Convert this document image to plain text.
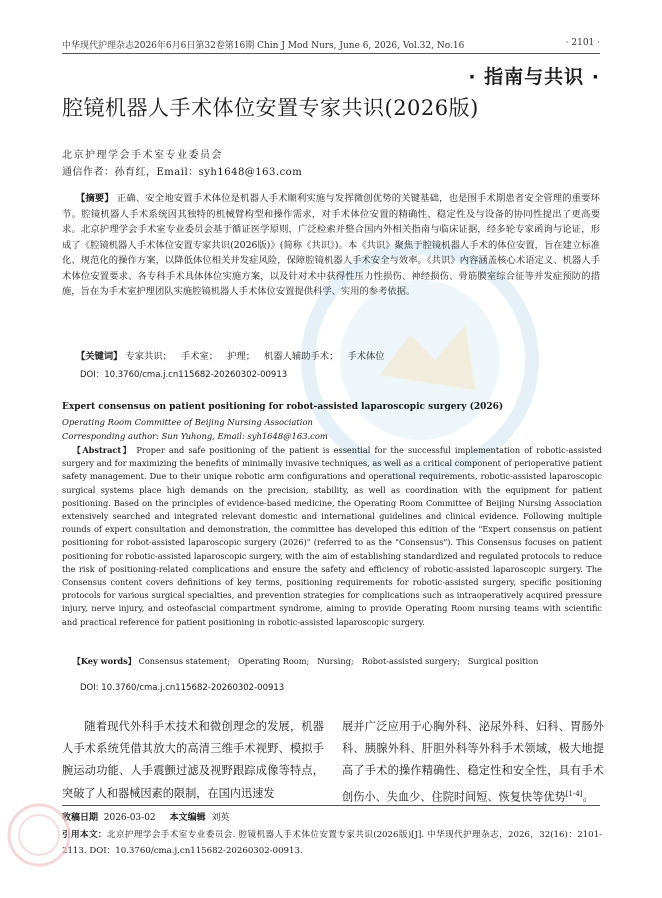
中华现代护理杂志2026年6月6日第32卷第16期 Chin J Mod Nurs, June 6, 2026, Vol.32, No.16	· 2101 ·
· 指南与共识 ·
腔镜机器人手术体位安置专家共识(2026版)
北京护理学会手术室专业委员会
通信作者：孙育红，Email：syh1648@163.com
【摘要】 正确、安全地安置手术体位是机器人手术顺利实施与发挥微创优势的关键基础，也是围手术期患者安全管理的重要环节。腔镜机器人手术系统因其独特的机械臂构型和操作需求，对手术体位安置的精确性、稳定性及与设备的协同性提出了更高要求。北京护理学会手术室专业委员会基于循证医学原则，广泛检索并整合国内外相关指南与临床证据，经多轮专家函询与论证，形成了《腔镜机器人手术体位安置专家共识(2026版)》(简称《共识》)。本《共识》聚焦于腔镜机器人手术的体位安置，旨在建立标准化、规范化的操作方案，以降低体位相关并发症风险，保障腔镜机器人手术安全与效率。《共识》内容涵盖核心术语定义、机器人手术体位安置要求、各专科手术具体体位实施方案，以及针对术中获得性压力性损伤、神经损伤、骨筋膜室综合征等并发症预防的措施，旨在为手术室护理团队实施腔镜机器人手术体位安置提供科学、实用的参考依据。
【关键词】 专家共识； 手术室； 护理； 机器人辅助手术； 手术体位
DOI：10.3760/cma.j.cn115682-20260302-00913
Expert consensus on patient positioning for robot-assisted laparoscopic surgery (2026)
Operating Room Committee of Beijing Nursing Association
Corresponding author: Sun Yuhong, Email: syh1648@163.com
【Abstract】 Proper and safe positioning of the patient is essential for the successful implementation of robotic-assisted surgery and for maximizing the benefits of minimally invasive techniques, as well as a critical component of perioperative patient safety management. Due to their unique robotic arm configurations and operational requirements, robotic-assisted laparoscopic surgical systems place high demands on the precision, stability, as well as coordination with the equipment for patient positioning. Based on the principles of evidence-based medicine, the Operating Room Committee of Beijing Nursing Association extensively searched and integrated relevant domestic and international guidelines and clinical evidence. Following multiple rounds of expert consultation and demonstration, the committee has developed this edition of the "Expert consensus on patient positioning for robot-assisted laparoscopic surgery (2026)" (referred to as the "Consensus"). This Consensus focuses on patient positioning for robotic-assisted laparoscopic surgery, with the aim of establishing standardized and regulated protocols to reduce the risk of positioning-related complications and ensure the safety and efficiency of robotic-assisted laparoscopic surgery. The Consensus content covers definitions of key terms, positioning requirements for robotic-assisted surgery, specific positioning protocols for various surgical specialties, and prevention strategies for complications such as intraoperatively acquired pressure injury, nerve injury, and osteofascial compartment syndrome, aiming to provide Operating Room nursing teams with scientific and practical reference for patient positioning in robotic-assisted laparoscopic surgery.
【Key words】 Consensus statement; Operating Room; Nursing; Robot-assisted surgery; Surgical position
DOI: 10.3760/cma.j.cn115682-20260302-00913
随着现代外科手术技术和微创理念的发展，机器人手术系统凭借其放大的高清三维手术视野、模拟手腕运动功能、人手震颤过滤及视野跟踪成像等特点，突破了人和器械因素的限制，在国内迅速发
展并广泛应用于心胸外科、泌尿外科、妇科、胃肠外科、胰腺外科、肝胆外科等外科手术领域，极大地提高了手术的操作精确性、稳定性和安全性，具有手术创伤小、失血少、住院时间短、恢复快等优势[1-4]。
收稿日期 2026-03-02 本文编辑 刘英
引用本文：北京护理学会手术室专业委员会. 腔镜机器人手术体位安置专家共识(2026版)[J]. 中华现代护理杂志，2026，32(16)：2101-2113. DOI：10.3760/cma.j.cn115682-20260302-00913.
